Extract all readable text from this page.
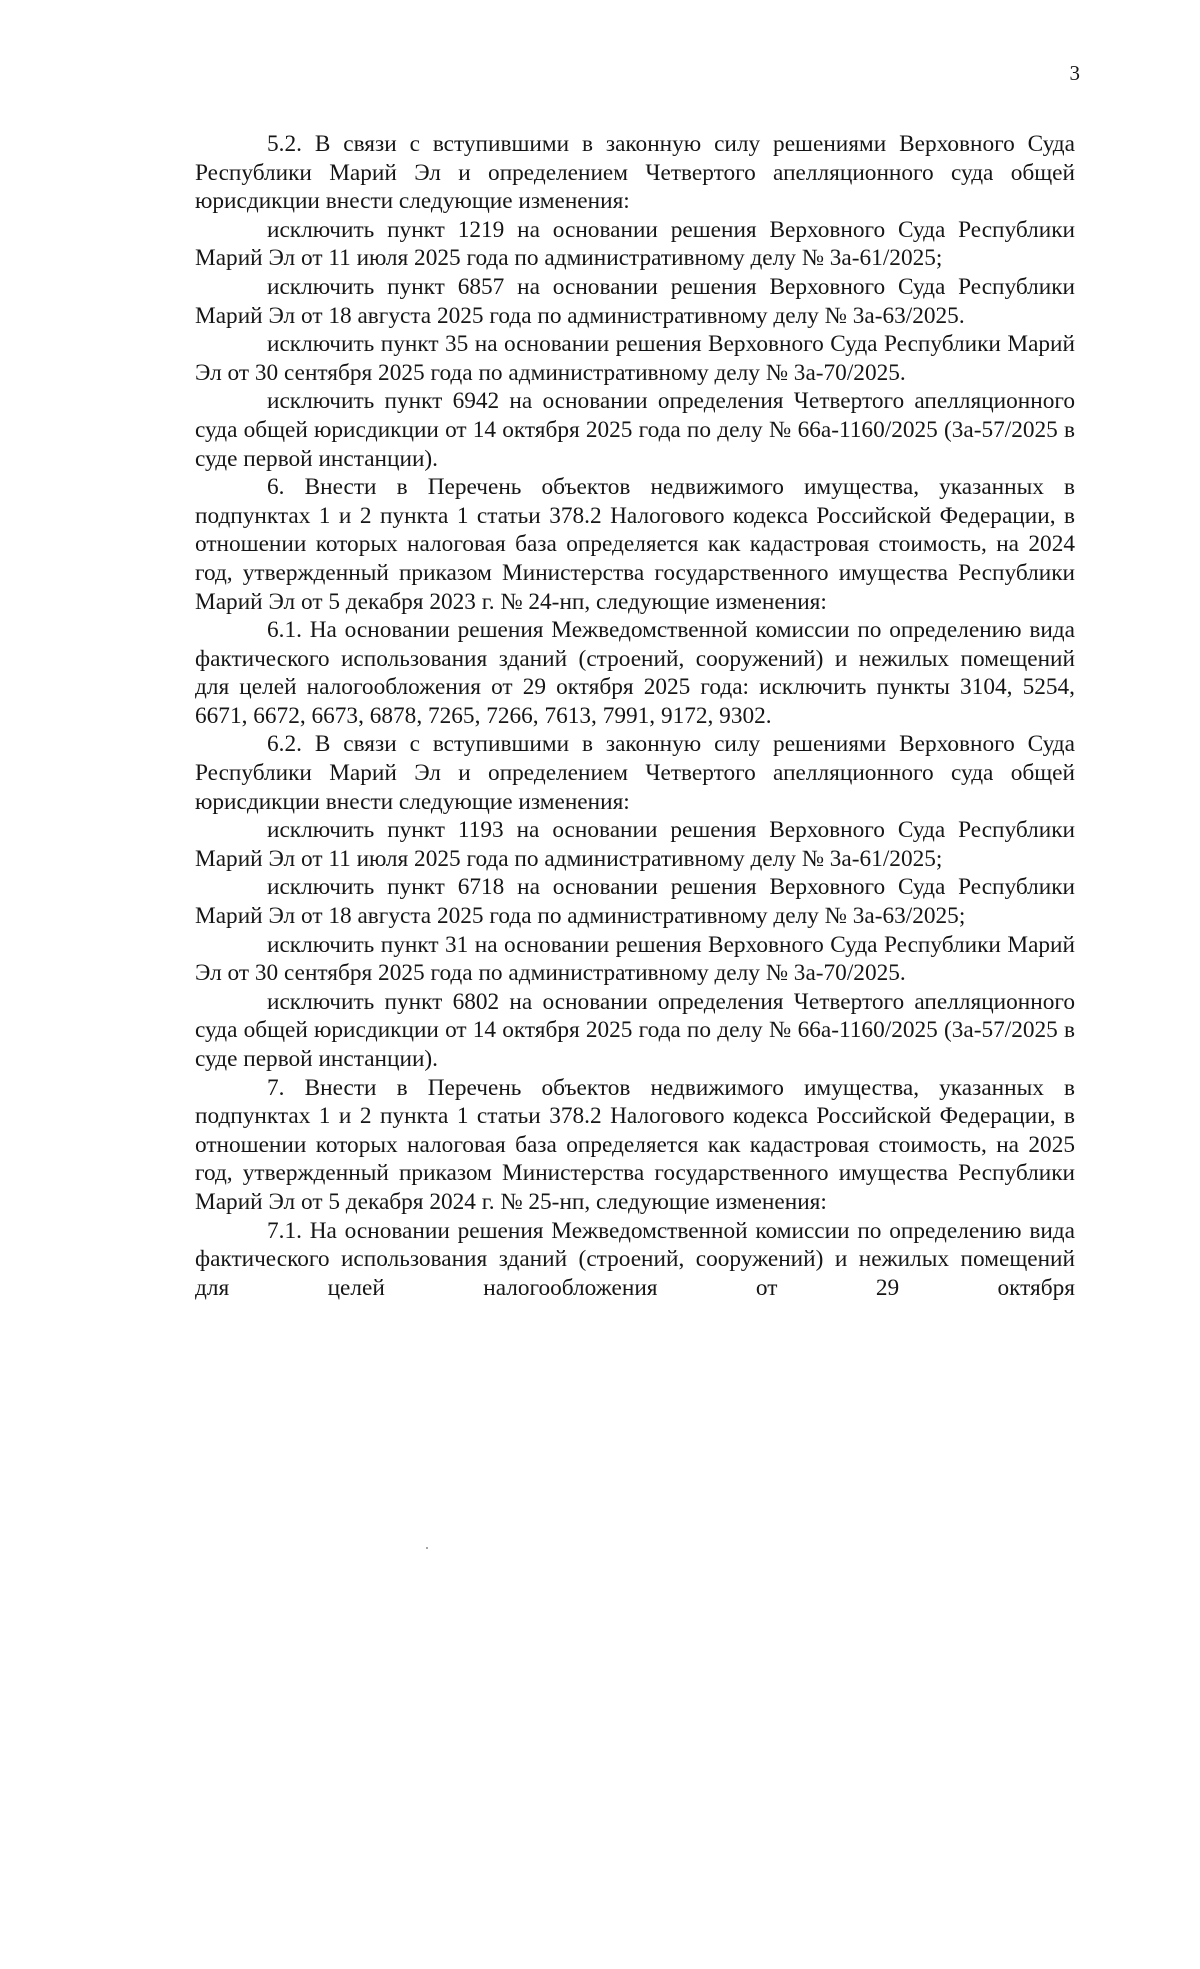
3

5.2. В связи с вступившими в законную силу решениями Верховного Суда Республики Марий Эл и определением Четвертого апелляционного суда общей юрисдикции внести следующие изменения:

исключить пункт 1219 на основании решения Верховного Суда Республики Марий Эл от 11 июля 2025 года по административному делу № 3а-61/2025;

исключить пункт 6857 на основании решения Верховного Суда Республики Марий Эл от 18 августа 2025 года по административному делу № 3а-63/2025.

исключить пункт 35 на основании решения Верховного Суда Республики Марий Эл от 30 сентября 2025 года по административному делу № 3а-70/2025.

исключить пункт 6942 на основании определения Четвертого апелляционного суда общей юрисдикции от 14 октября 2025 года по делу № 66а-1160/2025 (3а-57/2025 в суде первой инстанции).

6. Внести в Перечень объектов недвижимого имущества, указанных в подпунктах 1 и 2 пункта 1 статьи 378.2 Налогового кодекса Российской Федерации, в отношении которых налоговая база определяется как кадастровая стоимость, на 2024 год, утвержденный приказом Министерства государственного имущества Республики Марий Эл от 5 декабря 2023 г. № 24-нп, следующие изменения:

6.1. На основании решения Межведомственной комиссии по определению вида фактического использования зданий (строений, сооружений) и нежилых помещений для целей налогообложения от 29 октября 2025 года: исключить пункты 3104, 5254, 6671, 6672, 6673, 6878, 7265, 7266, 7613, 7991, 9172, 9302.

6.2. В связи с вступившими в законную силу решениями Верховного Суда Республики Марий Эл и определением Четвертого апелляционного суда общей юрисдикции внести следующие изменения:

исключить пункт 1193 на основании решения Верховного Суда Республики Марий Эл от 11 июля 2025 года по административному делу № 3а-61/2025;

исключить пункт 6718 на основании решения Верховного Суда Республики Марий Эл от 18 августа 2025 года по административному делу № 3а-63/2025;

исключить пункт 31 на основании решения Верховного Суда Республики Марий Эл от 30 сентября 2025 года по административному делу № 3а-70/2025.

исключить пункт 6802 на основании определения Четвертого апелляционного суда общей юрисдикции от 14 октября 2025 года по делу № 66а-1160/2025 (3а-57/2025 в суде первой инстанции).

7. Внести в Перечень объектов недвижимого имущества, указанных в подпунктах 1 и 2 пункта 1 статьи 378.2 Налогового кодекса Российской Федерации, в отношении которых налоговая база определяется как кадастровая стоимость, на 2025 год, утвержденный приказом Министерства государственного имущества Республики Марий Эл от 5 декабря 2024 г. № 25-нп, следующие изменения:

7.1. На основании решения Межведомственной комиссии по определению вида фактического использования зданий (строений, сооружений) и нежилых помещений для целей налогообложения от 29 октября
